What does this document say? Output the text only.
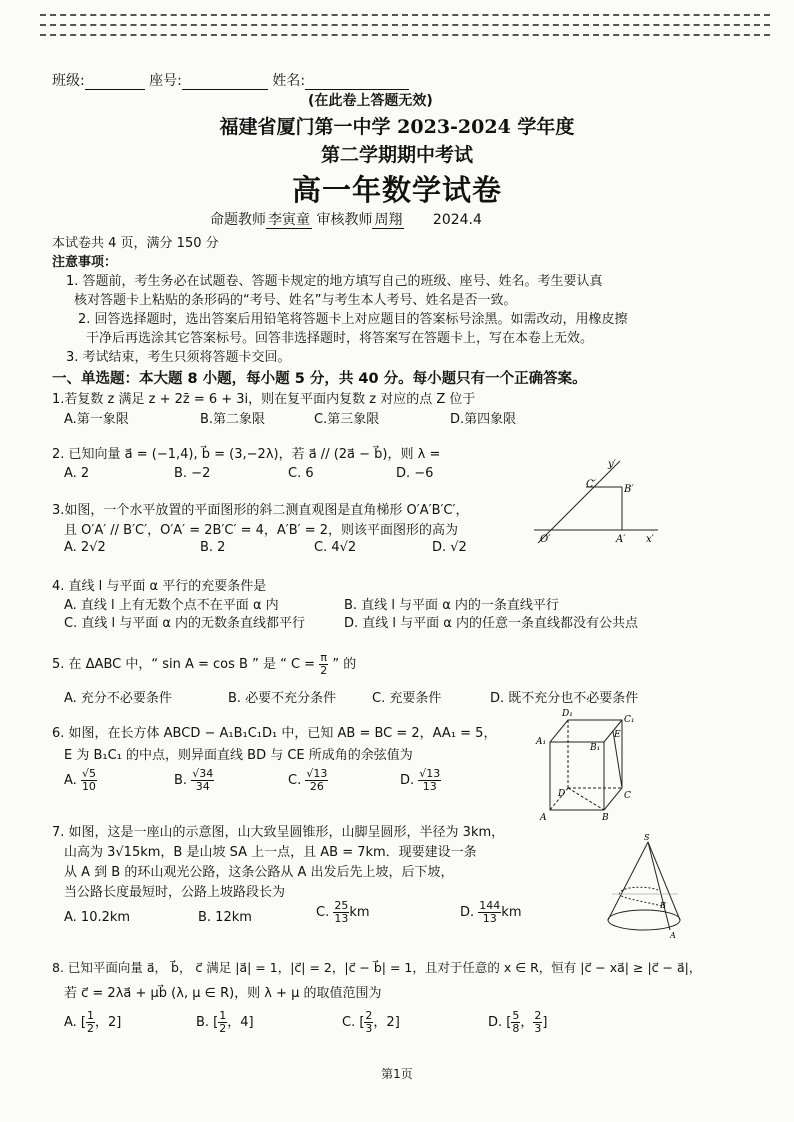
班级:	座号:	姓名:
(在此卷上答题无效)
福建省厦门第一中学 2023-2024 学年度
第二学期期中考试
高一年数学试卷
命题教师 李寅童 审核教师 周翔 2024.4
本试卷共 4 页，满分 150 分
注意事项：
1. 答题前，考生务必在试题卷、答题卡规定的地方填写自己的班级、座号、姓名。考生要认真
核对答题卡上粘贴的条形码的“考号、姓名”与考生本人考号、姓名是否一致。
2. 回答选择题时，选出答案后用铅笔将答题卡上对应题目的答案标号涂黑。如需改动，用橡皮擦
干净后再选涂其它答案标号。回答非选择题时，将答案写在答题卡上，写在本卷上无效。
3. 考试结束，考生只须将答题卡交回。
一、单选题：本大题 8 小题，每小题 5 分，共 40 分。每小题只有一个正确答案。
1.若复数 z 满足 z + 2z̄ = 6 + 3i，则在复平面内复数 z 对应的点 Z 位于
A.第一象限	B.第二象限	C.第三象限	D.第四象限
2. 已知向量 a⃗ = (−1,4), b⃗ = (3,−2λ)，若 a⃗ // (2a⃗ − b⃗)，则 λ =
A. 2	B. −2	C. 6	D. −6
3.如图，一个水平放置的平面图形的斜二测直观图是直角梯形 O′A′B′C′，
且 O′A′ // B′C′，O′A′ = 2B′C′ = 4，A′B′ = 2，则该平面图形的高为
A. 2√2	B. 2	C. 4√2	D. √2
y′
C′	B′
O′	A′ x′
4. 直线 l 与平面 α 平行的充要条件是
A. 直线 l 上有无数个点不在平面 α 内	B. 直线 l 与平面 α 内的一条直线平行
C. 直线 l 与平面 α 内的无数条直线都平行	D. 直线 l 与平面 α 内的任意一条直线都没有公共点
5. 在 ΔABC 中，“ sin A = cos B ” 是 “ $C = \frac{\pi}{2}$ ” 的
A. 充分不必要条件	B. 必要不充分条件	C. 充要条件	D. 既不充分也不必要条件
6. 如图，在长方体 ABCD − A₁B₁C₁D₁ 中，已知 AB = BC = 2，AA₁ = 5，
E 为 B₁C₁ 的中点，则异面直线 BD 与 CE 所成角的余弦值为
A. $\frac{√5}{10}$	B. $\frac{√34}{34}$	C. $\frac{√13}{26}$	D. $\frac{√13}{13}$
D₁
C₁
A₁
B₁
E
D	C
A	B
7. 如图，这是一座山的示意图，山大致呈圆锥形，山脚呈圆形，半径为 3km，
山高为 3√15km，B 是山坡 SA 上一点，且 AB = 7km．现要建设一条
从 A 到 B 的环山观光公路，这条公路从 A 出发后先上坡，后下坡，
当公路长度最短时，公路上坡路段长为
A. 10.2km	B. 12km	C. $\frac{25}{13}$ km	D. $\frac{144}{13}$ km
S
B
A
8. 已知平面向量 a⃗， b⃗， c⃗ 满足 |a⃗| = 1，|c⃗| = 2，|c⃗ − b⃗| = 1，且对于任意的 x ∈ R，恒有 |c⃗ − xa⃗| ≥ |c⃗ − a⃗|，
若 c⃗ = 2λa⃗ + μb⃗ (λ, μ ∈ R)，则 λ + μ 的取值范围为
A. [ $\frac{1}{2}$ ，2]	B. [ $\frac{1}{2}$ ，4]	C. [ $\frac{2}{3}$ ，2]	D. [ $\frac{5}{8}$ ， $\frac{2}{3}$ ]
第1页
